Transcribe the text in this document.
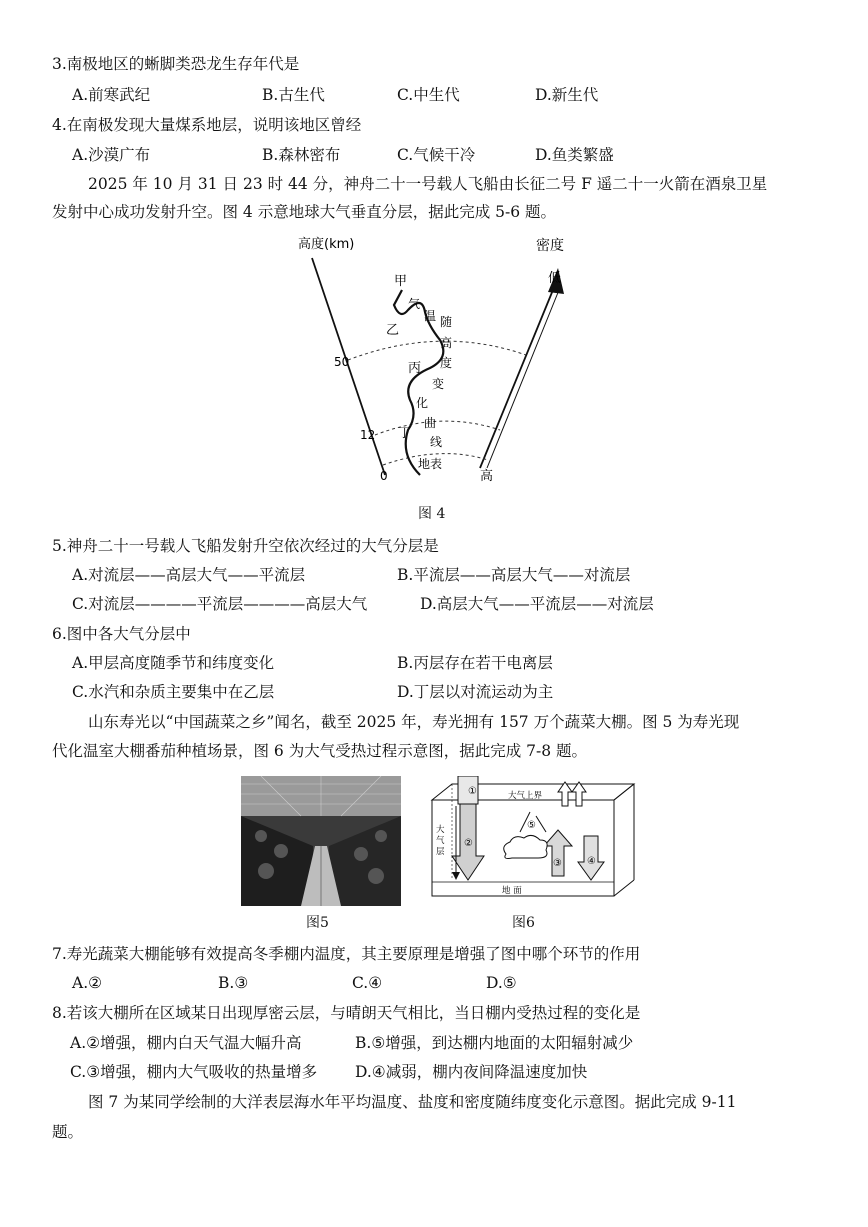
3.南极地区的蜥脚类恐龙生存年代是
A.前寒武纪	B.古生代	C.中生代	D.新生代
4.在南极发现大量煤系地层，说明该地区曾经
A.沙漠广布	B.森林密布	C.气候干冷	D.鱼类繁盛
2025 年 10 月 31 日 23 时 44 分，神舟二十一号载人飞船由长征二号 F 遥二十一火箭在酒泉卫星
发射中心成功发射升空。图 4 示意地球大气垂直分层，据此完成 5-6 题。
高度(km)	密度
低
高
50
12
0
甲
乙
丙
丁
气
温 随
高
度
变
化
曲
线
地表
图 4
5.神舟二十一号载人飞船发射升空依次经过的大气分层是
A.对流层——高层大气——平流层	B.平流层——高层大气——对流层
C.对流层————平流层————高层大气	D.高层大气——平流层——对流层
6.图中各大气分层中
A.甲层高度随季节和纬度变化	B.丙层存在若干电离层
C.水汽和杂质主要集中在乙层	D.丁层以对流运动为主
山东寿光以“中国蔬菜之乡”闻名，截至 2025 年，寿光拥有 157 万个蔬菜大棚。图 5 为寿光现
代化温室大棚番茄种植场景，图 6 为大气受热过程示意图，据此完成 7-8 题。
图5
①
②
③	④
⑤
大气上界
大
气
层
地 面
图6
7.寿光蔬菜大棚能够有效提高冬季棚内温度，其主要原理是增强了图中哪个环节的作用
A.②	B.③	C.④	D.⑤
8.若该大棚所在区域某日出现厚密云层，与晴朗天气相比，当日棚内受热过程的变化是
A.②增强，棚内白天气温大幅升高	B.⑤增强，到达棚内地面的太阳辐射减少
C.③增强，棚内大气吸收的热量增多 D.④减弱，棚内夜间降温速度加快
图 7 为某同学绘制的大洋表层海水年平均温度、盐度和密度随纬度变化示意图。据此完成 9-11
题。
